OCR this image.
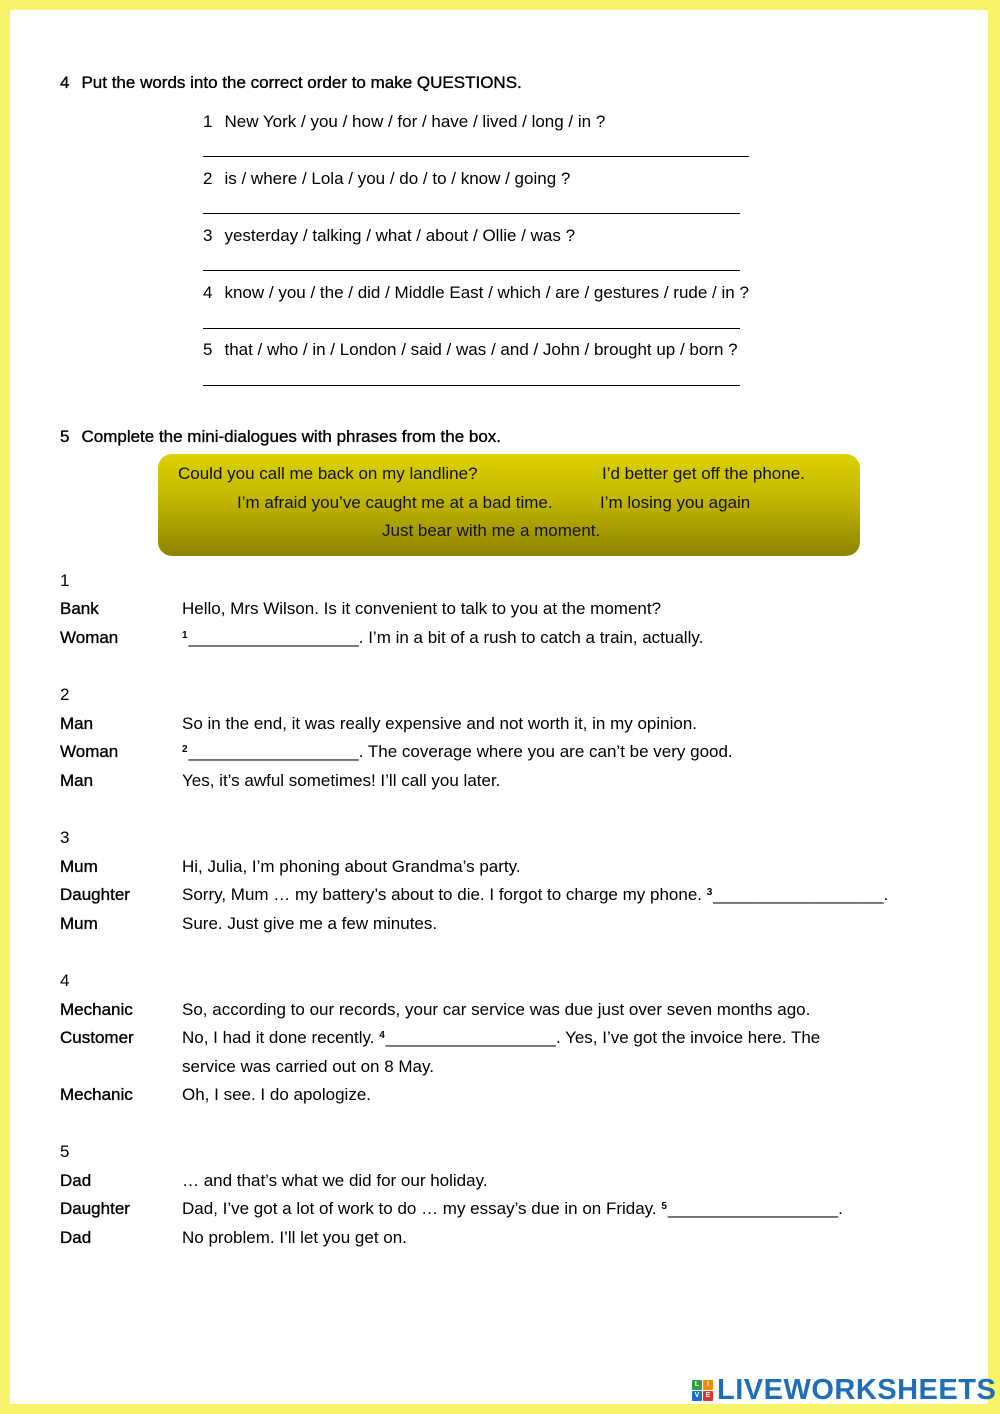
4 Put the words into the correct order to make QUESTIONS.
1 New York / you / how / for / have / lived / long / in ?
2 is / where / Lola / you / do / to / know / going ?
3 yesterday / talking / what / about / Ollie / was ?
4 know / you / the / did / Middle East / which / are / gestures / rude / in ?
5 that / who / in / London / said / was / and / John / brought up / born ?
5 Complete the mini-dialogues with phrases from the box.
Could you call me back on my landline?	I’d better get off the phone.
I’m afraid you’ve caught me at a bad time.	I’m losing you again
Just bear with me a moment.
1
Bank	Hello, Mrs Wilson. Is it convenient to talk to you at the moment?
Woman	$^1$__________________. I’m in a bit of a rush to catch a train, actually.
2
Man	So in the end, it was really expensive and not worth it, in my opinion.
Woman	$^2$__________________. The coverage where you are can’t be very good.
Man	Yes, it’s awful sometimes! I’ll call you later.
3
Mum	Hi, Julia, I’m phoning about Grandma’s party.
Daughter	Sorry, Mum … my battery’s about to die. I forgot to charge my phone. $^3$__________________.
Mum	Sure. Just give me a few minutes.
4
Mechanic	So, according to our records, your car service was due just over seven months ago.
Customer	No, I had it done recently. $^4$__________________. Yes, I’ve got the invoice here. The
service was carried out on 8 May.
Mechanic	Oh, I see. I do apologize.
5
Dad	… and that’s what we did for our holiday.
Daughter	Dad, I’ve got a lot of work to do … my essay’s due in on Friday. $^5$__________________.
Dad	No problem. I’ll let you get on.
L	I
V E LIVEWORKSHEETS
